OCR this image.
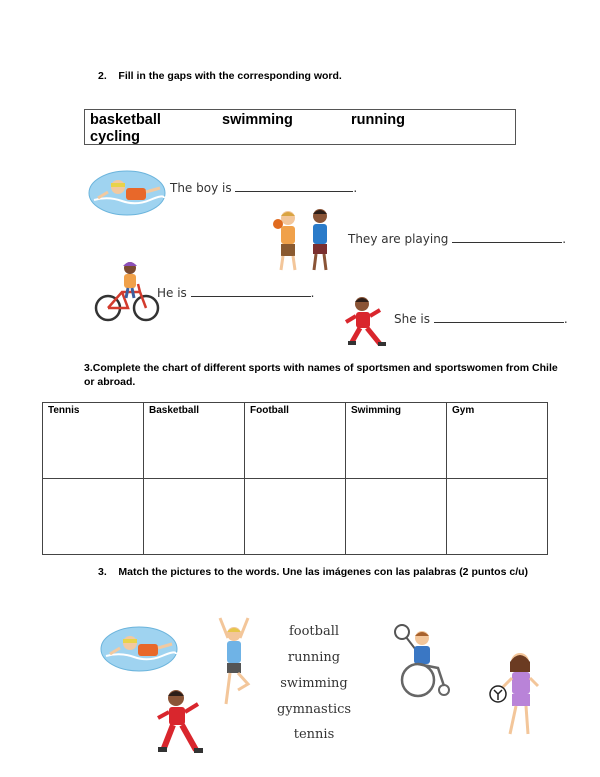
2.    Fill in the gaps with the corresponding word.
basketball	swimming	running
cycling
The boy is	.
They are playing	.
He is	.
She is	.
3.Complete the chart of different sports with names of sportsmen and sportswomen from Chile
or abroad.
Tennis	Basketball	Football	Swimming	Gym

3.    Match the pictures to the words. Une las imágenes con las palabras (2 puntos c/u)
football
running
swimming
gymnastics
tennis
